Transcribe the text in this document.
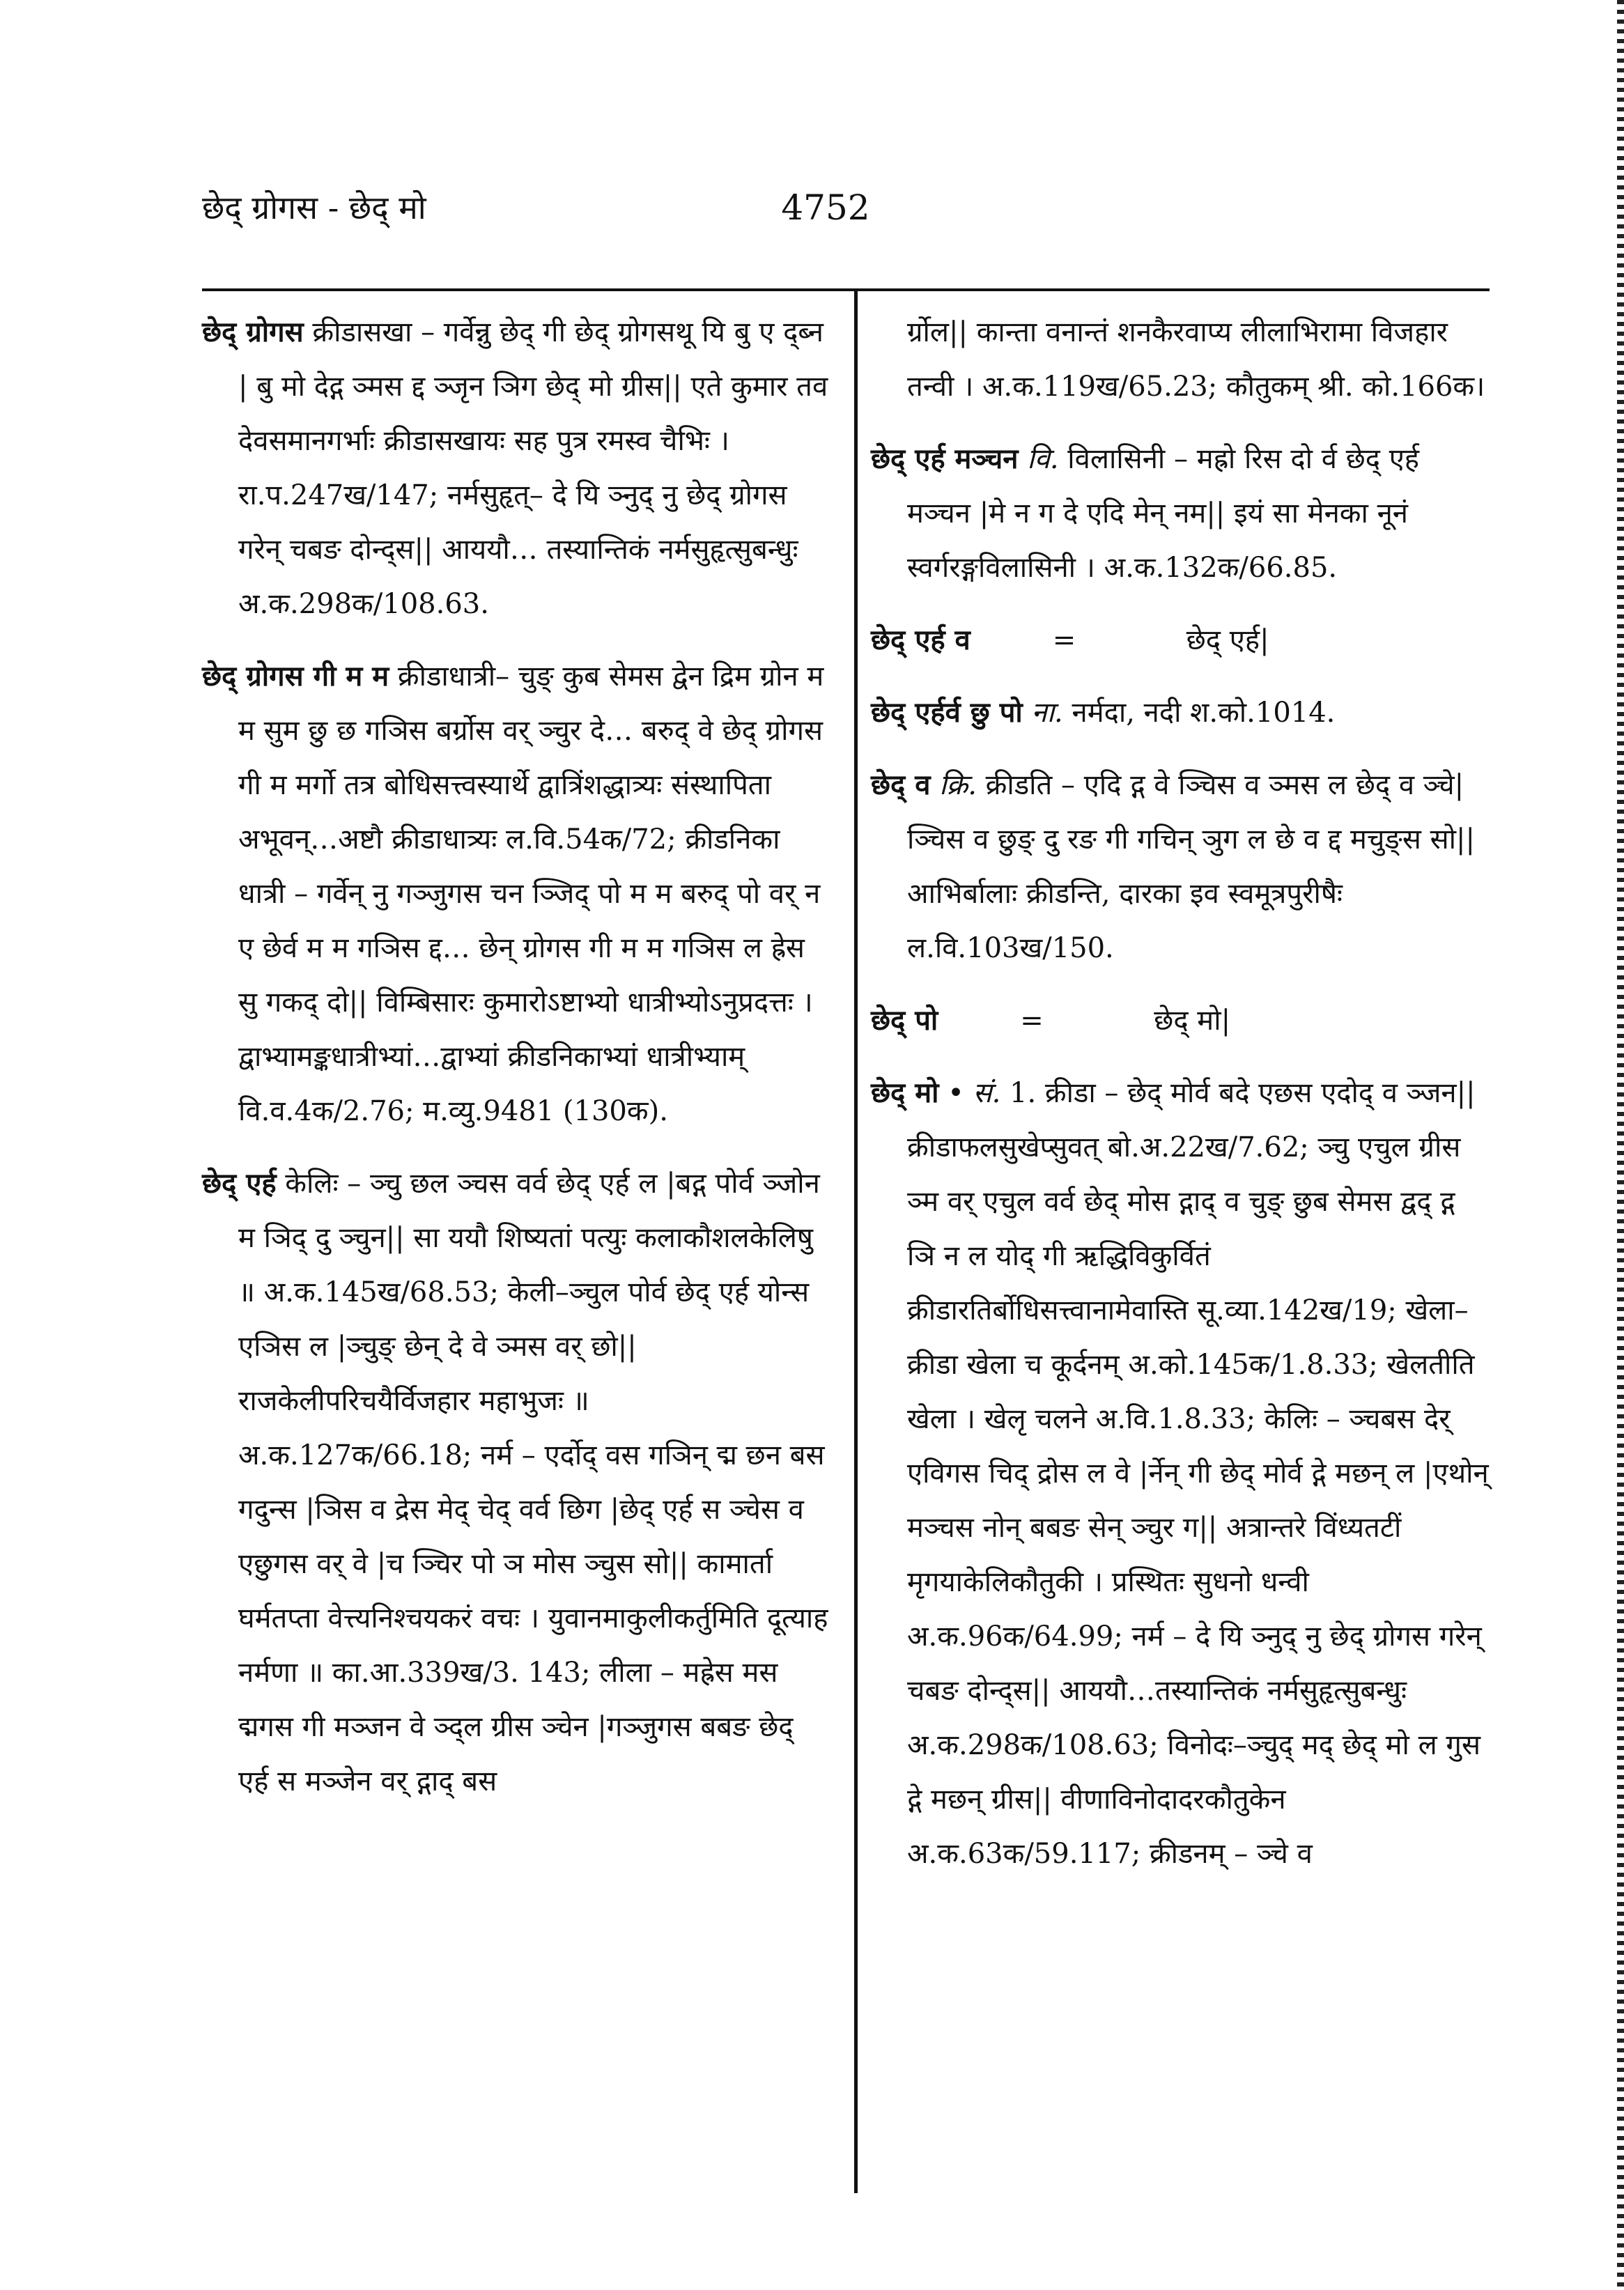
छेद् ग्रोगस - छेद् मो	4752

छेद् ग्रोगस क्रीडासखा – गर्वेन्नु छेद् गी छेद् ग्रोगसथू यि बु ए द्ब्न | बु मो देद्ग ञ्मस द्द ञ्जृन ञिग छेद् मो ग्रीस|| एते कुमार तव देवसमानगर्भाः क्रीडासखायः सह पुत्र रमस्व चैभिः । रा.प.247ख/147; नर्मसुहृत्– दे यि ञ्नुद् नु छेद् ग्रोगस गरेन् चबङ दोन्द्स|| आययौ… तस्यान्तिकं नर्मसुहृत्सुबन्धुः अ.क.298क/108.63.

छेद् ग्रोगस गी म म क्रीडाधात्री– चुङ् कुब सेमस द्वेन द्रिम ग्रोन म म सुम छु छ गञिस बर्ग्रोस वर् ञ्चुर दे… बरुद् वे छेद् ग्रोगस गी म मर्गो तत्र बोधिसत्त्वस्यार्थे द्वात्रिंशद्धात्र्यः संस्थापिता अभूवन्…अष्टौ क्रीडाधात्र्यः ल.वि.54क/72; क्रीडनिका धात्री – गर्वेन् नु गञ्जुगस चन ञ्जिद् पो म म बरुद् पो वर् न ए छेर्व म म गञिस द्द… छेन् ग्रोगस गी म म गञिस ल ह्रेस सु गकद् दो|| विम्बिसारः कुमारोऽष्टाभ्यो धात्रीभ्योऽनुप्रदत्तः । द्वाभ्यामङ्कधात्रीभ्यां…द्वाभ्यां क्रीडनिकाभ्यां धात्रीभ्याम् वि.व.4क/2.76; म.व्यु.9481 (130क).

छेद् एर्ह केलिः – ञ्चु छल ञ्चस वर्व छेद् एर्ह ल |बद्ग पोर्व ञ्जोन म ञिद् दु ञ्चुन|| सा ययौ शिष्यतां पत्युः कलाकौशलकेलिषु ॥ अ.क.145ख/68.53; केली–ञ्चुल पोर्व छेद् एर्ह योन्स एञिस ल |ञ्चुङ् छेन् दे वे ञ्मस वर् छो|| राजकेलीपरिचयैर्विजहार महाभुजः ॥ अ.क.127क/66.18; नर्म – एर्दोद् वस गञिन् द्म छन बस गदुन्स |ञिस व द्रेस मेद् चेद् वर्व छिग |छेद् एर्ह स ञ्चेस व एछुगस वर् वे |च ञ्चिर पो ञ मोस ञ्चुस सो|| कामार्ता घर्मतप्ता वेत्त्यनिश्चयकरं वचः । युवानमाकुलीकर्तुमिति दूत्याह नर्मणा ॥ का.आ.339ख/3. 143; लीला – मह्रेस मस द्मगस गी मञ्जन वे ञ्द्ल ग्रीस ञ्चेन |गञ्जुगस बबङ छेद् एर्ह स मञ्जेन वर् द्गाद् बस

र्ग्रोल|| कान्ता वनान्तं शनकैरवाप्य लीलाभिरामा विजहार तन्वी । अ.क.119ख/65.23; कौतुकम् श्री. को.166क।

छेद् एर्ह मञ्चन वि. विलासिनी – मह्रो रिस दो र्व छेद् एर्ह मञ्चन |मे न ग दे एदि मेन् नम|| इयं सा मेनका नूनं स्वर्गरङ्गविलासिनी । अ.क.132क/66.85.

छेद् एर्ह व	=	छेद् एर्ह|

छेद् एर्हर्व छु पो ना. नर्मदा, नदी श.को.1014.

छेद् व क्रि. क्रीडति – एदि द्ग वे ञ्चिस व ञ्मस ल छेद् व ञ्चे| ञ्चिस व छुङ् दु रङ गी गचिन् ञुग ल छे व द्द मचुङ्स सो|| आभिर्बालाः क्रीडन्ति, दारका इव स्वमूत्रपुरीषैः ल.वि.103ख/150.

छेद् पो	=	छेद् मो|

छेद् मो • सं. 1. क्रीडा – छेद् मोर्व बदे एछस एदोद् व ञ्जन|| क्रीडाफलसुखेप्सुवत् बो.अ.22ख/7.62; ञ्चु एचुल ग्रीस ञ्म वर् एचुल वर्व छेद् मोस द्गाद् व चुङ् छुब सेमस द्वद् द्ग ञि न ल योद् गी ऋद्धिविकुर्वितं क्रीडारतिर्बोधिसत्त्वानामेवास्ति सू.व्या.142ख/19; खेला–क्रीडा खेला च कूर्दनम् अ.को.145क/1.8.33; खेलतीति खेला । खेलृ चलने अ.वि.1.8.33; केलिः – ञ्चबस देर् एविगस चिद् द्रोस ल वे |र्नेन् गी छेद् मोर्व द्गे मछन् ल |एथोन् मञ्चस नोन् बबङ सेन् ञ्चुर ग|| अत्रान्तरे विंध्यतटीं मृगयाकेलिकौतुकी । प्रस्थितः सुधनो धन्वी अ.क.96क/64.99; नर्म – दे यि ञ्नुद् नु छेद् ग्रोगस गरेन् चबङ दोन्द्स|| आययौ…तस्यान्तिकं नर्मसुहृत्सुबन्धुः अ.क.298क/108.63; विनोदः–ञ्चुद् मद् छेद् मो ल गुस द्गे मछन् ग्रीस|| वीणाविनोदादरकौतुकेन अ.क.63क/59.117; क्रीडनम् – ञ्चे व
